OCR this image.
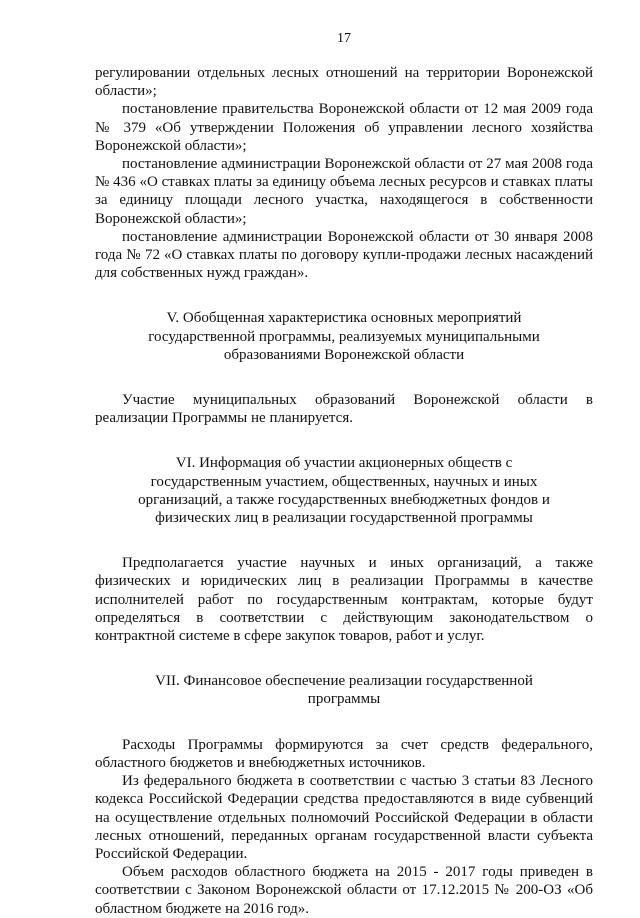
17

регулировании отдельных лесных отношений на территории Воронежской области»;

постановление правительства Воронежской области от 12 мая 2009 года № 379 «Об утверждении Положения об управлении лесного хозяйства Воронежской области»;

постановление администрации Воронежской области от 27 мая 2008 года № 436 «О ставках платы за единицу объема лесных ресурсов и ставках платы за единицу площади лесного участка, находящегося в собственности Воронежской области»;

постановление администрации Воронежской области от 30 января 2008 года № 72 «О ставках платы по договору купли-продажи лесных насаждений для собственных нужд граждан».

V. Обобщенная характеристика основных мероприятий государственной программы, реализуемых муниципальными образованиями Воронежской области

Участие муниципальных образований Воронежской области в реализации Программы не планируется.

VI. Информация об участии акционерных обществ с государственным участием, общественных, научных и иных организаций, а также государственных внебюджетных фондов и физических лиц в реализации государственной программы

Предполагается участие научных и иных организаций, а также физических и юридических лиц в реализации Программы в качестве исполнителей работ по государственным контрактам, которые будут определяться в соответствии с действующим законодательством о контрактной системе в сфере закупок товаров, работ и услуг.

VII. Финансовое обеспечение реализации государственной программы

Расходы Программы формируются за счет средств федерального, областного бюджетов и внебюджетных источников.

Из федерального бюджета в соответствии с частью 3 статьи 83 Лесного кодекса Российской Федерации средства предоставляются в виде субвенций на осуществление отдельных полномочий Российской Федерации в области лесных отношений, переданных органам государственной власти субъекта Российской Федерации.

Объем расходов областного бюджета на 2015 - 2017 годы приведен в соответствии с Законом Воронежской области от 17.12.2015 № 200-ОЗ «Об областном бюджете на 2016 год».
